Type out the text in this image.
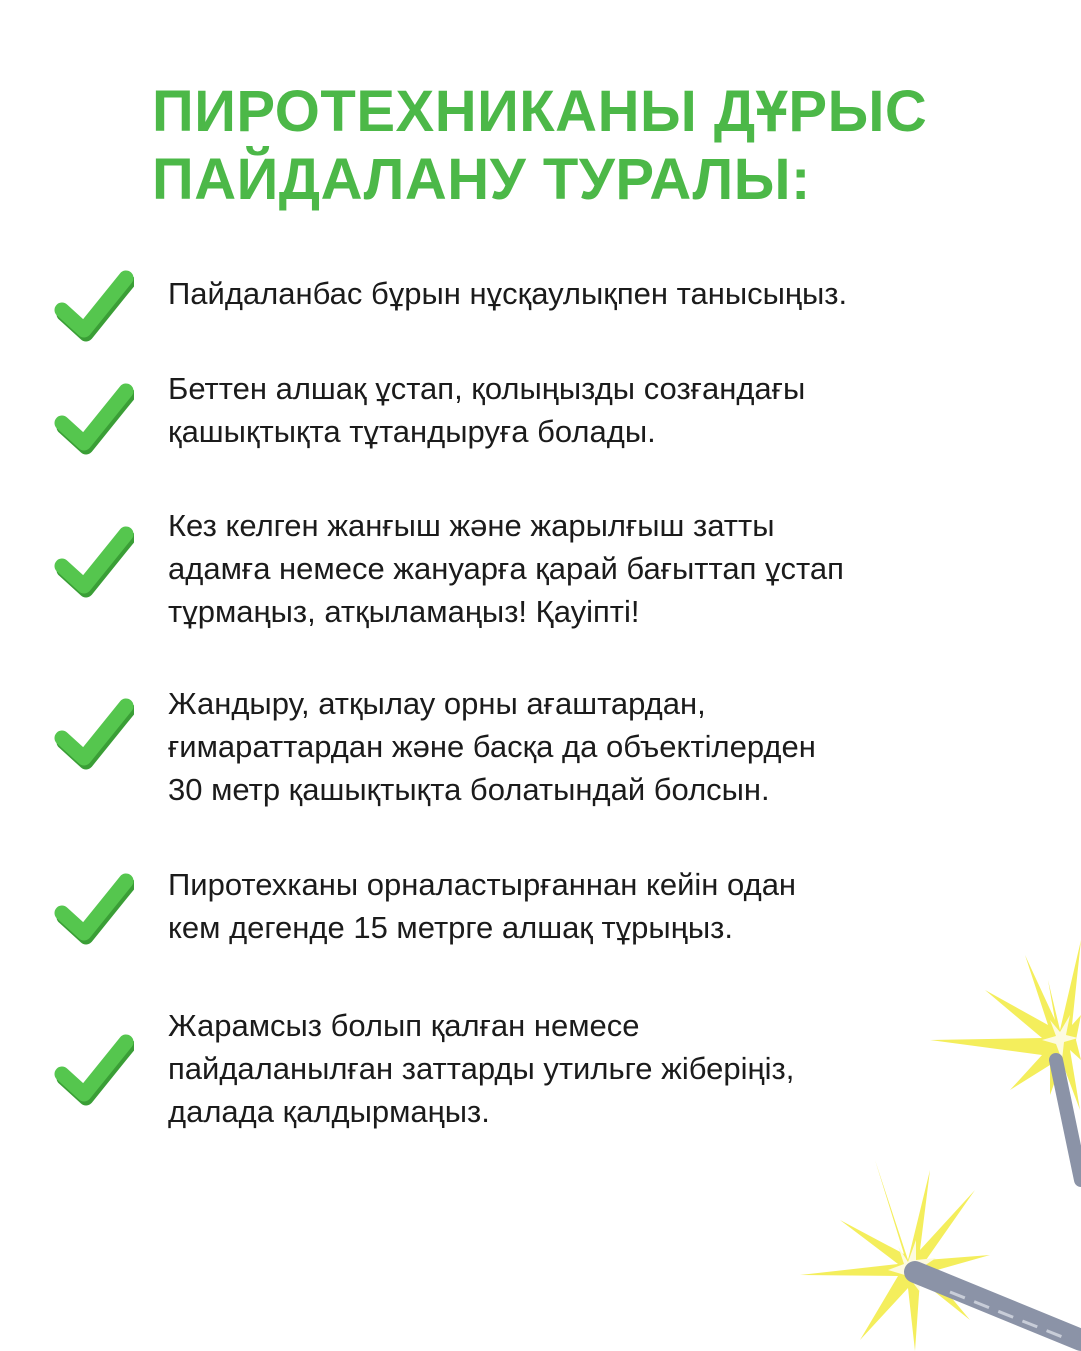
ПИРОТЕХНИКАНЫ ДҰРЫС
ПАЙДАЛАНУ ТУРАЛЫ:
Пайдаланбас бұрын нұсқаулықпен танысыңыз.
Беттен алшақ ұстап, қолыңызды созғандағы
қашықтықта тұтандыруға болады.
Кез келген жанғыш және жарылғыш затты
адамға немесе жануарға қарай бағыттап ұстап
тұрмаңыз, атқыламаңыз! Қауіпті!
Жандыру, атқылау орны ағаштардан,
ғимараттардан және басқа да объектілерден
30 метр қашықтықта болатындай болсын.
Пиротехканы орналастырғаннан кейін одан
кем дегенде 15 метрге алшақ тұрыңыз.
Жарамсыз болып қалған немесе
пайдаланылған заттарды утильге жіберіңіз,
далада қалдырмаңыз.
